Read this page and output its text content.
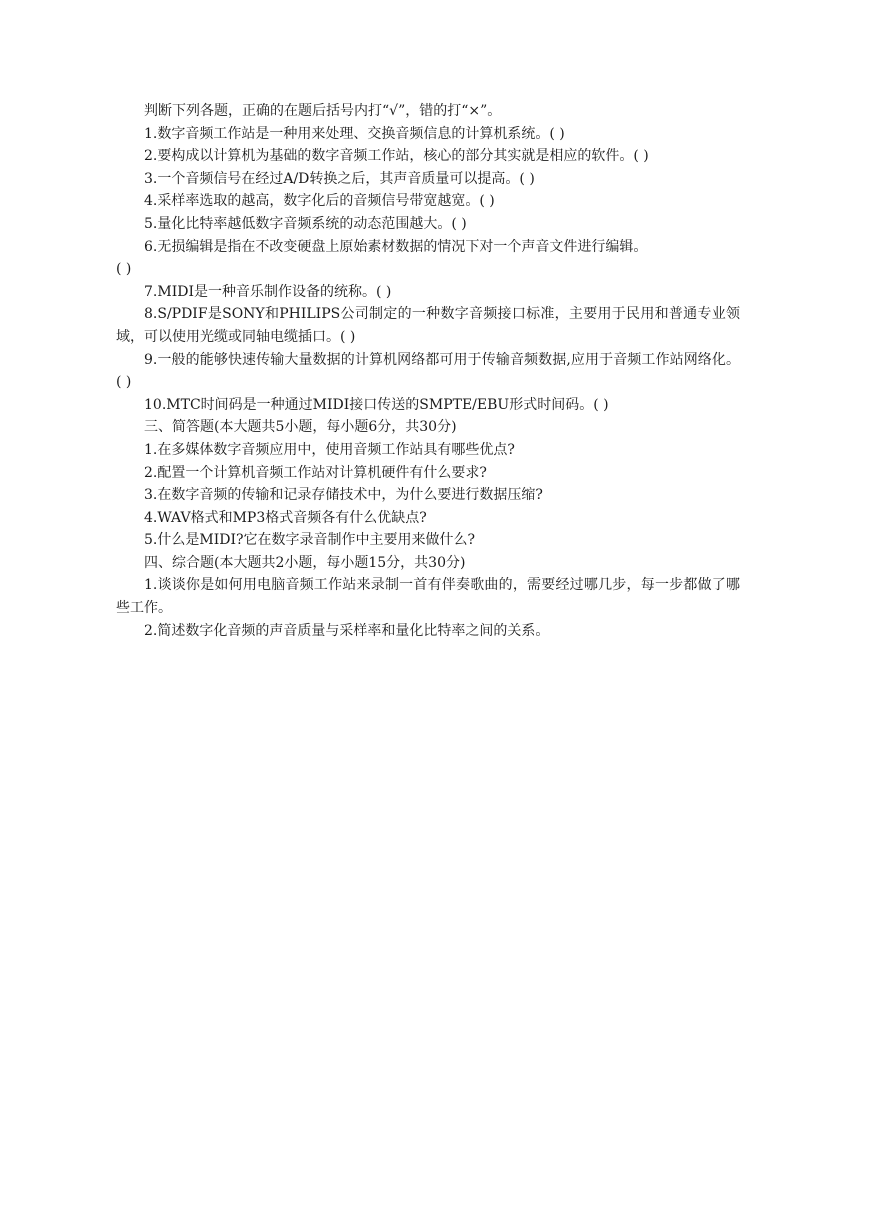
判断下列各题，正确的在题后括号内打“√”，错的打“×”。

1.数字音频工作站是一种用来处理、交换音频信息的计算机系统。( )

2.要构成以计算机为基础的数字音频工作站，核心的部分其实就是相应的软件。( )

3.一个音频信号在经过A/D转换之后，其声音质量可以提高。( )

4.采样率选取的越高，数字化后的音频信号带宽越宽。( )

5.量化比特率越低数字音频系统的动态范围越大。( )

6.无损编辑是指在不改变硬盘上原始素材数据的情况下对一个声音文件进行编辑。

( )

7.MIDI是一种音乐制作设备的统称。( )

8.S/PDIF是SONY和PHILIPS公司制定的一种数字音频接口标准，主要用于民用和普通专业领域，可以使用光缆或同轴电缆插口。( )

9.一般的能够快速传输大量数据的计算机网络都可用于传输音频数据,应用于音频工作站网络化。( )

10.MTC时间码是一种通过MIDI接口传送的SMPTE/EBU形式时间码。( )

三、简答题(本大题共5小题，每小题6分，共30分)

1.在多媒体数字音频应用中，使用音频工作站具有哪些优点?

2.配置一个计算机音频工作站对计算机硬件有什么要求?

3.在数字音频的传输和记录存储技术中，为什么要进行数据压缩?

4.WAV格式和MP3格式音频各有什么优缺点?

5.什么是MIDI?它在数字录音制作中主要用来做什么?

四、综合题(本大题共2小题，每小题15分，共30分)

1.谈谈你是如何用电脑音频工作站来录制一首有伴奏歌曲的，需要经过哪几步，每一步都做了哪些工作。

2.简述数字化音频的声音质量与采样率和量化比特率之间的关系。
